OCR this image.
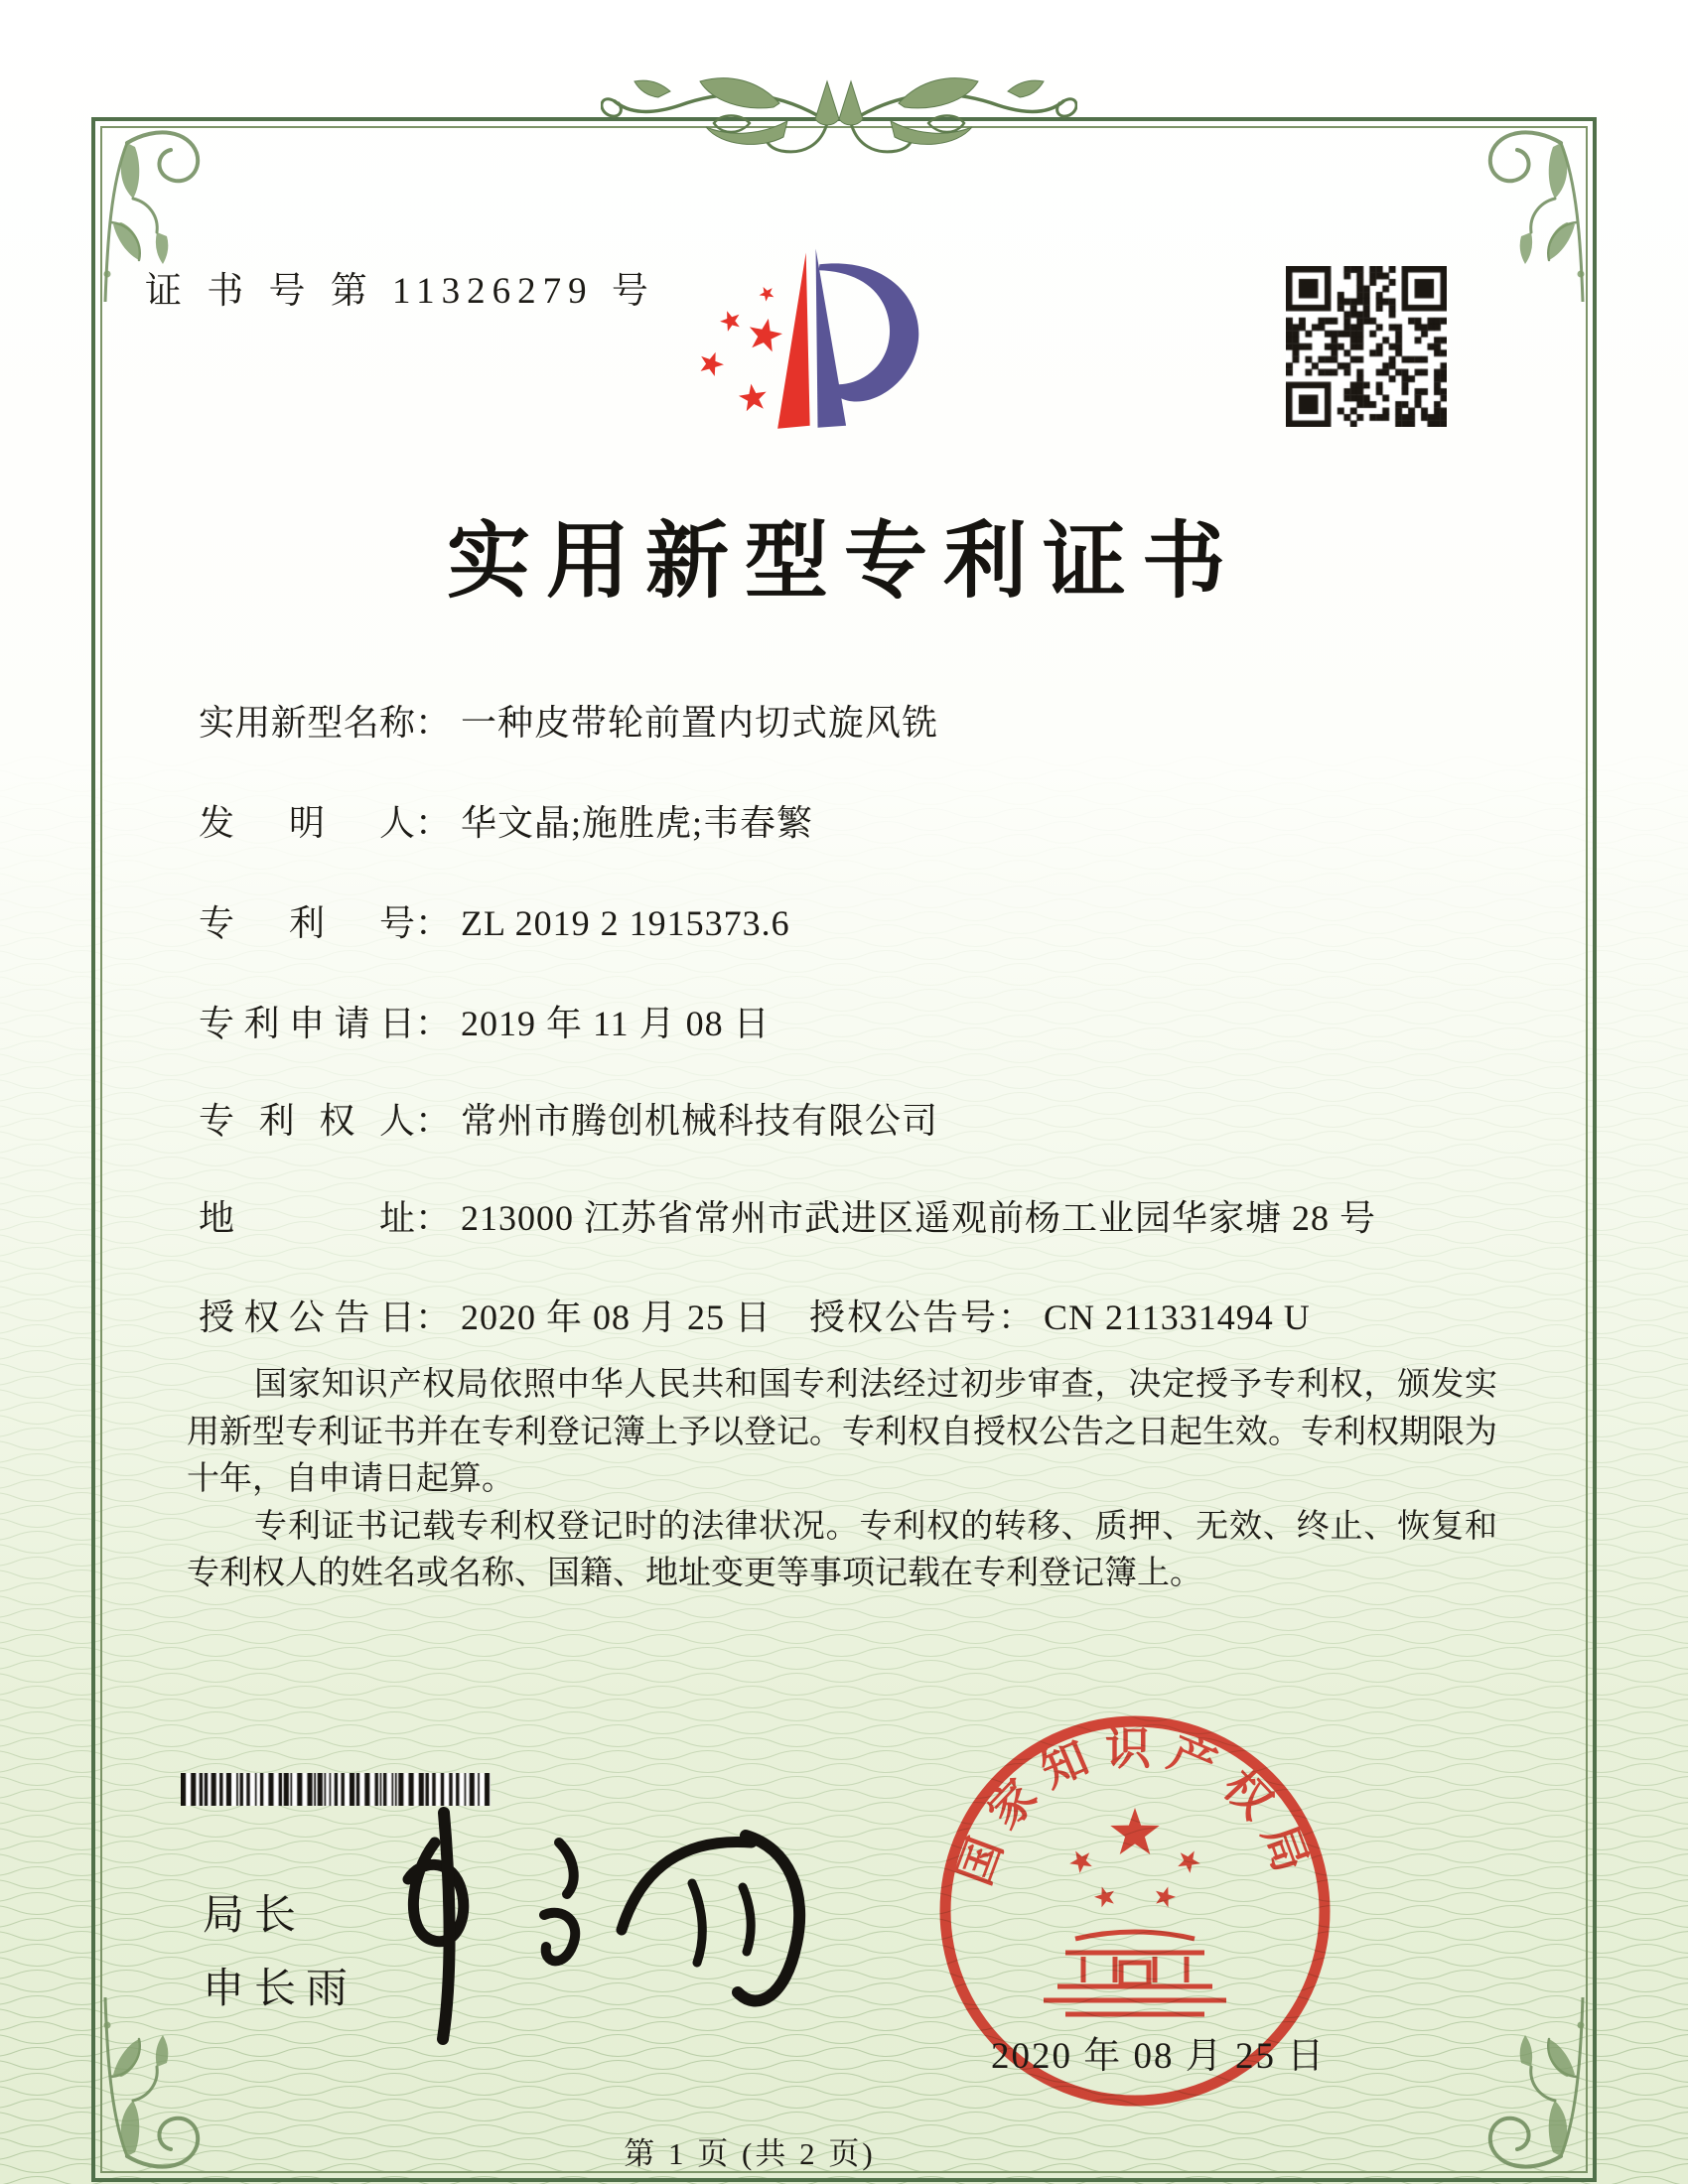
证 书 号 第 11326279 号
实用新型专利证书
实用新型名称： 一种皮带轮前置内切式旋风铣
发明人： 华文晶;施胜虎;韦春繁
专利号： ZL 2019 2 1915373.6
专利申请日： 2019 年 11 月 08 日
专利权人： 常州市腾创机械科技有限公司
地址： 213000 江苏省常州市武进区遥观前杨工业园华家塘 28 号
授权公告日： 2020 年 08 月 25 日 授权公告号： CN 211331494 U

国家知识产权局依照中华人民共和国专利法经过初步审查，决定授予专利权，颁发实用新型专利证书并在专利登记簿上予以登记。专利权自授权公告之日起生效。专利权期限为十年，自申请日起算。

专利证书记载专利权登记时的法律状况。专利权的转移、质押、无效、终止、恢复和专利权人的姓名或名称、国籍、地址变更等事项记载在专利登记簿上。

局长
申长雨
国家知识产权局
2020 年 08 月 25 日
第 1 页 (共 2 页)
